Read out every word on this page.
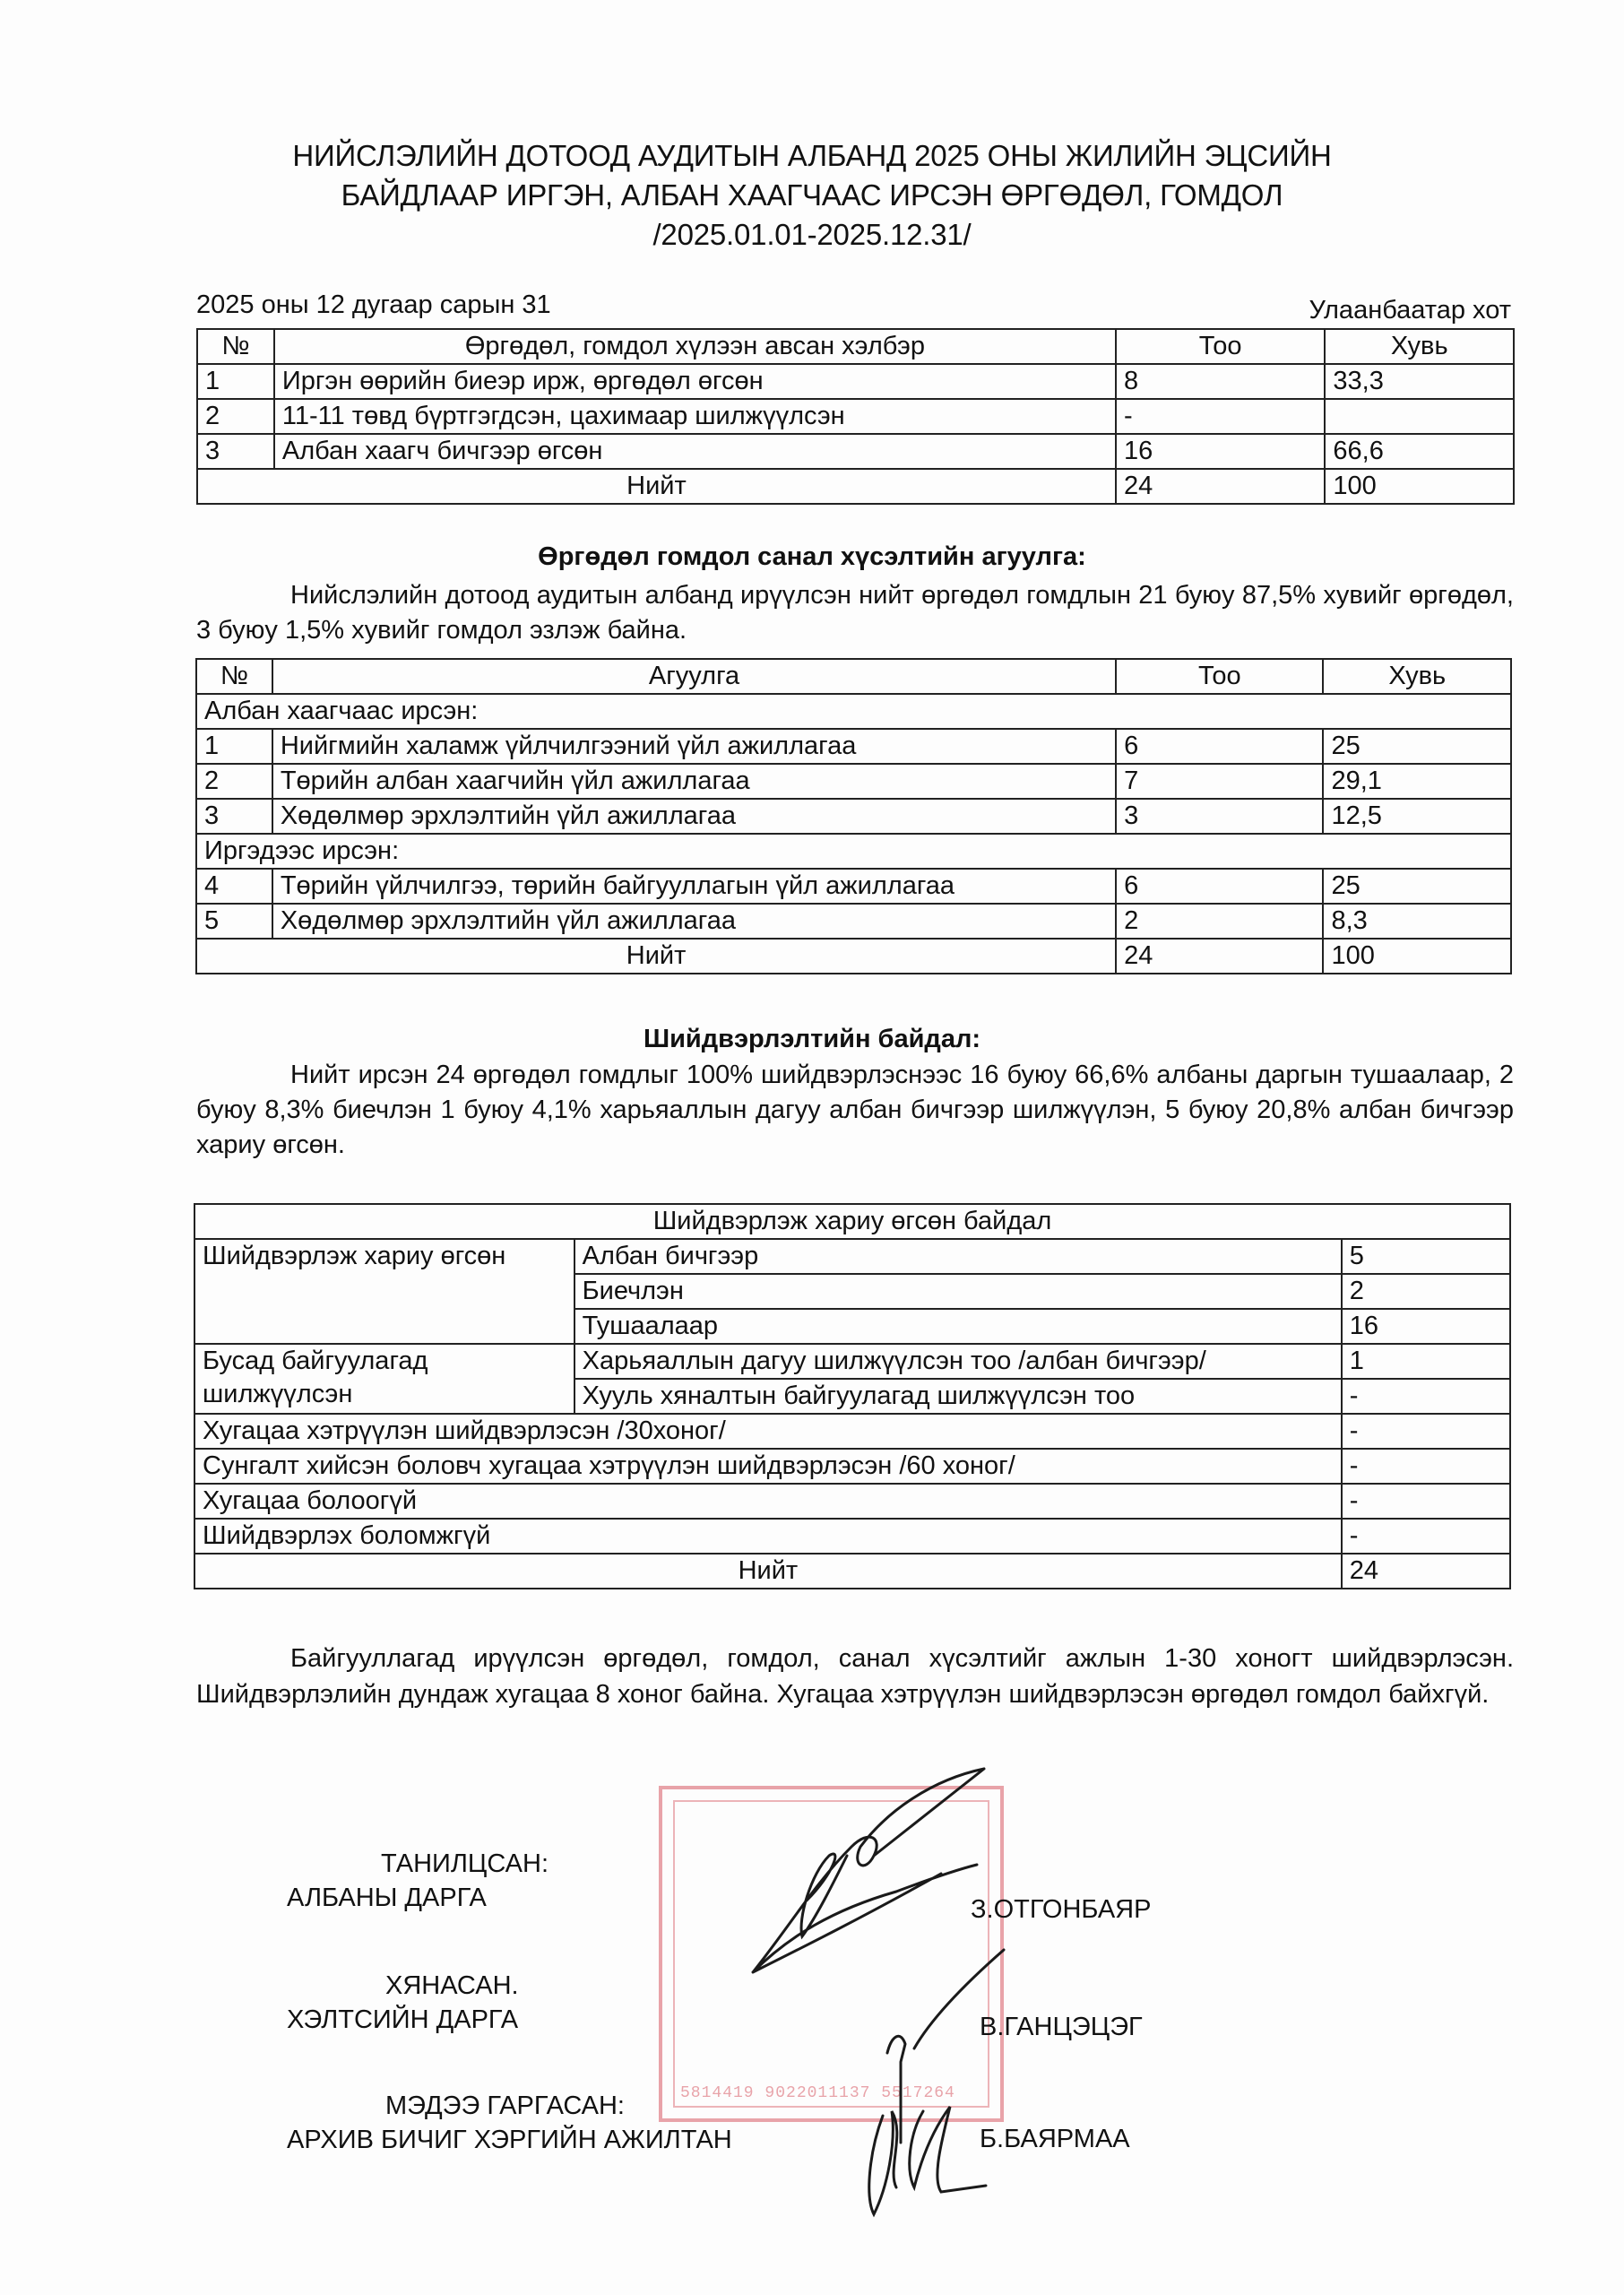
НИЙСЛЭЛИЙН ДОТООД АУДИТЫН АЛБАНД 2025 ОНЫ ЖИЛИЙН ЭЦСИЙН
БАЙДЛААР ИРГЭН, АЛБАН ХААГЧААС ИРСЭН ӨРГӨДӨЛ, ГОМДОЛ
/2025.01.01-2025.12.31/
2025 оны 12 дугаар сарын 31	Улаанбаатар хот
№	Өргөдөл, гомдол хүлээн авсан хэлбэр	Тоо	Хувь
1	Иргэн өөрийн биеэр ирж, өргөдөл өгсөн	8	33,3
2	11-11 төвд бүртгэгдсэн, цахимаар шилжүүлсэн	-	
3	Албан хаагч бичгээр өгсөн	16	66,6
Нийт		24	100
Өргөдөл гомдол санал хүсэлтийн агуулга:
Нийслэлийн дотоод аудитын албанд ирүүлсэн нийт өргөдөл гомдлын 21 буюу 87,5% хувийг өргөдөл, 3 буюу 1,5% хувийг гомдол эзлэж байна.
№	Агуулга	Тоо	Хувь
Албан хаагчаас ирсэн:			
1	Нийгмийн халамж үйлчилгээний үйл ажиллагаа	6	25
2	Төрийн албан хаагчийн үйл ажиллагаа	7	29,1
3	Хөдөлмөр эрхлэлтийн үйл ажиллагаа	3	12,5
Иргэдээс ирсэн:			
4	Төрийн үйлчилгээ, төрийн байгууллагын үйл ажиллагаа	6	25
5	Хөдөлмөр эрхлэлтийн үйл ажиллагаа	2	8,3
Нийт		24	100
Шийдвэрлэлтийн байдал:
Нийт ирсэн 24 өргөдөл гомдлыг 100% шийдвэрлэснээс 16 буюу 66,6% албаны даргын тушаалаар, 2 буюу 8,3% биечлэн 1 буюу 4,1% харьяаллын дагуу албан бичгээр шилжүүлэн, 5 буюу 20,8% албан бичгээр хариу өгсөн.
Шийдвэрлэж хариу өгсөн байдал		
Шийдвэрлэж хариу өгсөн	Албан бичгээр	5
	Биечлэн	2
	Тушаалаар	16
Бусад байгуулагад шилжүүлсэн	Харьяаллын дагуу шилжүүлсэн тоо /албан бичгээр/	1
	Хууль хяналтын байгуулагад шилжүүлсэн тоо	-
Хугацаа хэтрүүлэн шийдвэрлэсэн /30хоног/		-
Сунгалт хийсэн боловч хугацаа хэтрүүлэн шийдвэрлэсэн /60 хоног/		-
Хугацаа болоогүй		-
Шийдвэрлэх боломжгүй		-
Нийт		24
Байгууллагад ирүүлсэн өргөдөл, гомдол, санал хүсэлтийг ажлын 1-30 хоногт шийдвэрлэсэн. Шийдвэрлэлийн дундаж хугацаа 8 хоног байна. Хугацаа хэтрүүлэн шийдвэрлэсэн өргөдөл гомдол байхгүй.
5814419 9022011137 5517264
ТАНИЛЦСАН:
АЛБАНЫ ДАРГА	З.ОТГОНБАЯР
ХЯНАСАН.
ХЭЛТСИЙН ДАРГА	В.ГАНЦЭЦЭГ
МЭДЭЭ ГАРГАСАН:
АРХИВ БИЧИГ ХЭРГИЙН АЖИЛТАН	Б.БАЯРМАА
